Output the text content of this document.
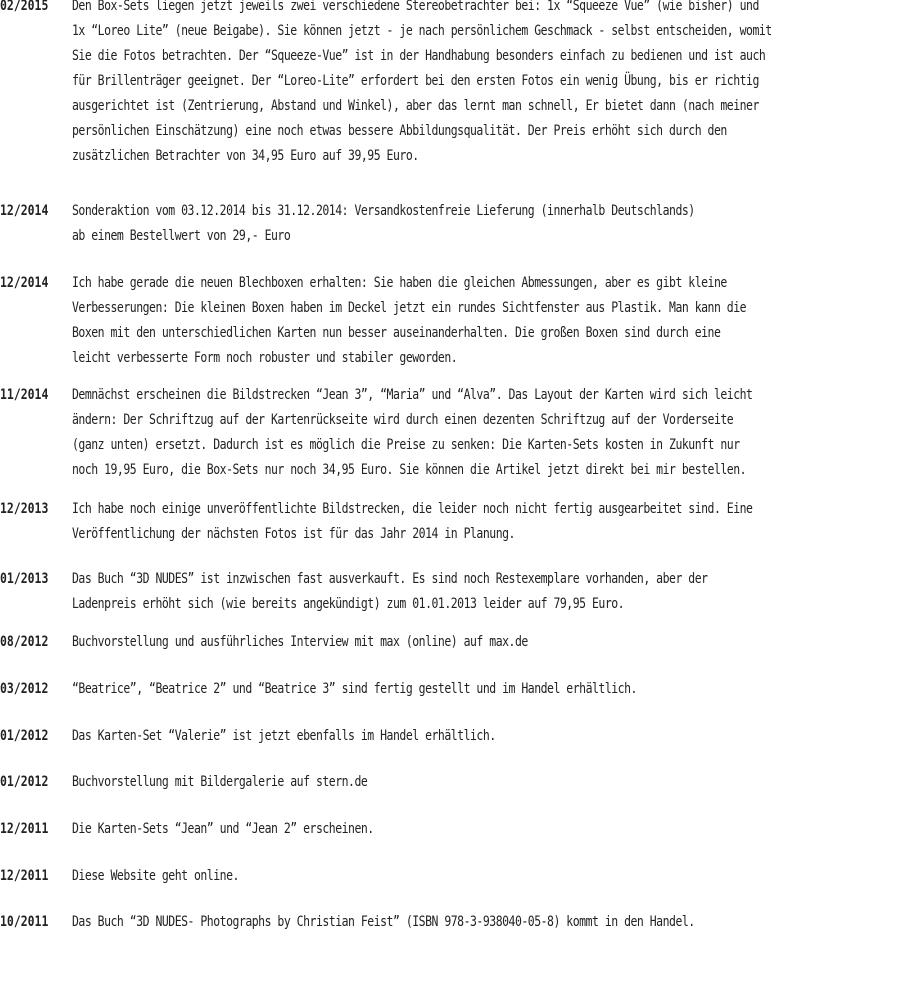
02/2015	Den Box-Sets liegen jetzt jeweils zwei verschiedene Stereobetrachter bei: 1x “Squeeze Vue” (wie bisher) und
1x “Loreo Lite” (neue Beigabe). Sie können jetzt - je nach persönlichem Geschmack - selbst entscheiden, womit
Sie die Fotos betrachten. Der “Squeeze-Vue” ist in der Handhabung besonders einfach zu bedienen und ist auch
für Brillenträger geeignet. Der “Loreo-Lite” erfordert bei den ersten Fotos ein wenig Übung, bis er richtig
ausgerichtet ist (Zentrierung, Abstand und Winkel), aber das lernt man schnell, Er bietet dann (nach meiner
persönlichen Einschätzung) eine noch etwas bessere Abbildungsqualität. Der Preis erhöht sich durch den
zusätzlichen Betrachter von 34,95 Euro auf 39,95 Euro.
12/2014	Sonderaktion vom 03.12.2014 bis 31.12.2014: Versandkostenfreie Lieferung (innerhalb Deutschlands)
ab einem Bestellwert von 29,- Euro
12/2014	Ich habe gerade die neuen Blechboxen erhalten: Sie haben die gleichen Abmessungen, aber es gibt kleine
Verbesserungen: Die kleinen Boxen haben im Deckel jetzt ein rundes Sichtfenster aus Plastik. Man kann die
Boxen mit den unterschiedlichen Karten nun besser auseinanderhalten. Die großen Boxen sind durch eine
leicht verbesserte Form noch robuster und stabiler geworden.
11/2014	Demnächst erscheinen die Bildstrecken “Jean 3”, “Maria” und “Alva”. Das Layout der Karten wird sich leicht
ändern: Der Schriftzug auf der Kartenrückseite wird durch einen dezenten Schriftzug auf der Vorderseite
(ganz unten) ersetzt. Dadurch ist es möglich die Preise zu senken: Die Karten-Sets kosten in Zukunft nur
noch 19,95 Euro, die Box-Sets nur noch 34,95 Euro. Sie können die Artikel jetzt direkt bei mir bestellen.
12/2013	Ich habe noch einige unveröffentlichte Bildstrecken, die leider noch nicht fertig ausgearbeitet sind. Eine
Veröffentlichung der nächsten Fotos ist für das Jahr 2014 in Planung.
01/2013	Das Buch “3D NUDES” ist inzwischen fast ausverkauft. Es sind noch Restexemplare vorhanden, aber der
Ladenpreis erhöht sich (wie bereits angekündigt) zum 01.01.2013 leider auf 79,95 Euro.
08/2012	Buchvorstellung und ausführliches Interview mit max (online) auf max.de
03/2012	“Beatrice”, “Beatrice 2” und “Beatrice 3” sind fertig gestellt und im Handel erhältlich.
01/2012	Das Karten-Set “Valerie” ist jetzt ebenfalls im Handel erhältlich.
01/2012	Buchvorstellung mit Bildergalerie auf stern.de
12/2011	Die Karten-Sets “Jean” und “Jean 2” erscheinen.
12/2011	Diese Website geht online.
10/2011	Das Buch “3D NUDES- Photographs by Christian Feist” (ISBN 978-3-938040-05-8) kommt in den Handel.
